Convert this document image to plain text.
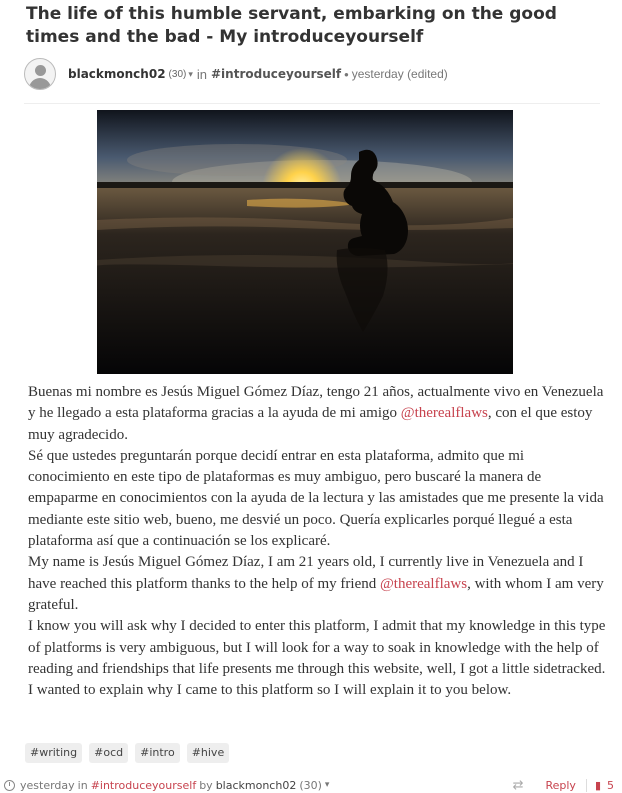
The life of this humble servant, embarking on the good times and the bad - My introduceyourself
blackmonch02 (30) ▾ in #introduceyourself • yesterday (edited)

Buenas mi nombre es Jesús Miguel Gómez Díaz, tengo 21 años, actualmente vivo en Venezuela y he llegado a esta plataforma gracias a la ayuda de mi amigo @therealflaws, con el que estoy muy agradecido.

Sé que ustedes preguntarán porque decidí entrar en esta plataforma, admito que mi conocimiento en este tipo de plataformas es muy ambiguo, pero buscaré la manera de empaparme en conocimientos con la ayuda de la lectura y las amistades que me presente la vida mediante este sitio web, bueno, me desvié un poco. Quería explicarles porqué llegué a esta plataforma así que a continuación se los explicaré.

My name is Jesús Miguel Gómez Díaz, I am 21 years old, I currently live in Venezuela and I have reached this platform thanks to the help of my friend @therealflaws, with whom I am very grateful.

I know you will ask why I decided to enter this platform, I admit that my knowledge in this type of platforms is very ambiguous, but I will look for a way to soak in knowledge with the help of reading and friendships that life presents me through this website, well, I got a little sidetracked. I wanted to explain why I came to this platform so I will explain it to you below.

#writing	#ocd	#intro	#hive
yesterday in #introduceyourself by blackmonch02 (30) ▾	⇄ Reply ▮ 5
